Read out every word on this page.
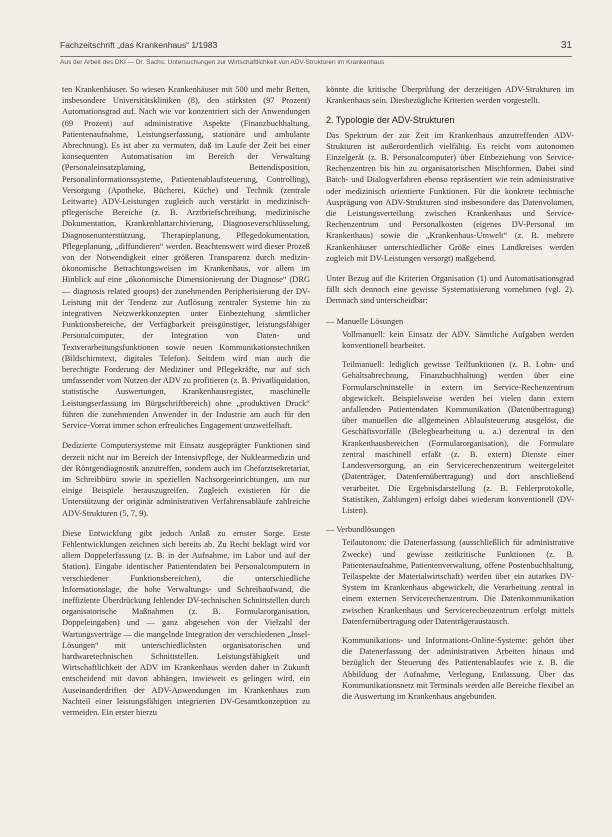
Fachzeitschrift „das Krankenhaus“ 1/1983	31
Aus der Arbeit des DKI — Dr. Sachs: Untersuchungen zur Wirtschaftlichkeit von ADV-Strukturen im Krankenhaus

ten Krankenhäuser. So wiesen Krankenhäuser mit 500 und mehr Betten, insbesondere Universitätskliniken (8), den stärksten (97 Prozent) Automationsgrad auf. Nach wie vor konzentriert sich der Anwendungen (69 Prozent) auf administrative Aspekte (Finanzbuchhaltung, Patientenaufnahme, Leistungserfassung, stationäre und ambulante Abrechnung). Es ist aber zu vermuten, daß im Laufe der Zeit bei einer konsequenten Automatisation im Bereich der Verwaltung (Personaleinsatzplanung, Bettendisposition, Personalinformationssysteme, Patientenablaufsteuerung, Controlling), Versorgung (Apotheke, Bücherei, Küche) und Technik (zentrale Leitwarte) ADV-Leistungen zugleich auch verstärkt in medizinisch-pflegerische Bereiche (z. B. Arztbriefschreibung, medizinische Dokumentation, Krankenblattarchivierung, Diagnoseverschlüsselung, Diagnosenunterstützung, Therapieplanung, Pflegedokumentation, Pflegeplanung, „diffundieren“ werden. Beachtenswert wird dieser Prozeß von der Notwendigkeit einer größeren Transparenz durch medizin-ökonomische Betrachtungsweisen im Krankenhaus, vor allem im Hinblick auf eine „ökonomische Dimensionierung der Diagnose“ (DRG — diagnosis related groups) der zunehmenden Peripherisierung der DV-Leistung mit der Tendenz zur Auflösung zentraler Systeme hin zu integrativen Netzwerkkonzepten unter Einbeziehung sämtlicher Funktionsbereiche, der Verfügbarkeit preisgünstiger, leistungsfähiger Personalcomputer, der Integration von Daten- und Textverarbeitungsfunktionen sowie neuen Kommunikationstechniken (Bildschirmtext, digitales Telefon). Seitdem wird man auch die berechtigte Forderung der Mediziner und Pflegekräfte, nur auf sich umfassender vom Nutzen der ADV zu profitieren (z. B. Privatliquidation, statistische Auswertungen, Krankenhausregister, maschinelle Leistungserfassung im Bürgschriftbereich) ohne „produktiven Druck“ führen die zunehmenden Anwender in der Industrie am auch für den Service-Vorrat immer schon erfreuliches Engagement unzweifelhaft.

Dedizierte Computersysteme mit Einsatz ausgeprägter Funktionen sind derzeit nicht nur im Bereich der Intensivpflege, der Nuklearmedizin und der Röntgendiagnostik anzutreffen, sondern auch im Chefarztsekretariat, im Schreibbüro sowie in speziellen Nachsorgeeinrichtungen, um nur einige Beispiele herauszugreifen. Zugleich existieren für die Unterstützung der originär administrativen Verfahrensabläufe zahlreiche ADV-Strukturen (5, 7, 9).

Diese Entwicklung gibt jedoch Anlaß zu ernster Sorge. Erste Fehlentwicklungen zeichnen sich bereits ab. Zu Recht beklagt wird vor allem Doppelerfassung (z. B. in der Aufnahme, im Labor und auf der Station). Eingabe identischer Patientendaten bei Personalcomputern in verschiedener Funktionsbereichen), die unterschiedliche Informationslage, die hohe Verwaltungs- und Schreibaufwand, die ineffiziente Überdrückung fehlender DV-technischen Schnittstellen durch organisatorische Maßnahmen (z. B. Formularorganisation, Doppeleingaben) und — ganz abgesehen von der Vielzahl der Wartungsverträge — die mangelnde Integration der verschiedenen „Insel-Lösungen“ mit unterschiedlichsten organisatorischen und hardwaretechnischen Schnittstellen. Leistungsfähigkeit und Wirtschaftlichkeit der ADV im Krankenhaus werden daher in Zukunft entscheidend mit davon abhängen, inwieweit es gelingen wird, ein Auseinanderdriften der ADV-Anwendungen im Krankenhaus zum Nachteil einer leistungsfähigen integrierten DV-Gesamtkonzeption zu vermeiden. Ein erster hierzu

könnte die kritische Überprüfung der derzeitigen ADV-Strukturen im Krankenhaus sein. Diesbezügliche Kriterien werden vorgestellt.

2. Typologie der ADV-Strukturen

Das Spektrum der zur Zeit im Krankenhaus anzutreffenden ADV-Strukturen ist außerordentlich vielfältig. Es reicht vom autonomen Einzelgerät (z. B. Personalcomputer) über Einbeziehung von Service-Rechenzentren bis hin zu organisatorischen Mischformen. Dabei sind Batch- und Dialogverfahren ebenso repräsentiert wie rein administrative oder medizinisch orientierte Funktionen. Für die konkrete technische Ausprägung von ADV-Strukturen sind insbesondere das Datenvolumen, die Leistungsverteilung zwischen Krankenhaus und Service-Rechenzentrum und Personalkosten (eigenes DV-Personal im Krankenhaus) sowie die „Krankenhaus-Umwelt“ (z. B. mehrere Krankenhäuser unterschiedlicher Größe eines Landkreises werden zugleich mit DV-Leistungen versorgt) maßgebend.

Unter Bezug auf die Kriterien Organisation (1) und Automatisationsgrad fällt sich dennoch eine gewisse Systematisierung vornehmen (vgl. 2). Demnach sind unterscheidbar:

— Manuelle Lösungen

Vollmanuell: kein Einsatz der ADV. Sämtliche Aufgaben werden konventionell bearbeitet.

Teilmanuell: lediglich gewisse Teilfunktionen (z. B. Lohn- und Gehaltsabrechnung, Finanzbuchhaltung) werden über eine Formularschnittstelle in extern im Service-Rechenzentrum abgewickelt. Beispielsweise werden bei vielen dann extern anfallenden Patientendaten Kommunikation (Datenübertragung) über manuellen die allgemeinen Ablaufsteuerung ausgelöst, die Geschäftsvorfälle (Belegbearbeitung u. a.) dezentral in den Krankenhausbereichen (Formularorganisation), die Formulare zentral maschinell erfaßt (z. B. extern) Dienste einer Landesversorgung, an ein Servicerechenzentrum weitergeleitet (Datenträger, Datenfernübertragung) und dort anschließend verarbeitet. Die Ergebnisdarstellung (z. B. Fehlerprotokolle, Statistiken, Zahlungen) erfolgt dabei wiederum konventionell (DV-Listen).

— Verbundlösungen

Teilautonom: die Datenerfassung (ausschließlich für administrative Zwecke) und gewisse zeitkritische Funktionen (z. B. Patientenaufnahme, Patientenverwaltung, offene Postenbuchhaltung, Teilaspekte der Materialwirtschaft) werden über ein autarkes DV-System im Krankenhaus abgewickelt, die Verarbeitung zentral in einem externen Servicerechenzentrum. Die Datenkommunikation zwischen Krankenhaus und Servicerechenzentrum erfolgt mittels Datenfernübertragung oder Datenträgeraustausch.

Kommunikations- und Informations-Online-Systeme: gehört über die Datenerfassung der administrativen Arbeiten hinaus und bezüglich der Steuerung des Patientenablaufes wie z. B. die Abbildung der Aufnahme, Verlegung, Entlassung. Über das Kommunikationsnetz mit Terminals werden alle Bereiche flexibel an die Auswertung im Krankenhaus angebunden.
